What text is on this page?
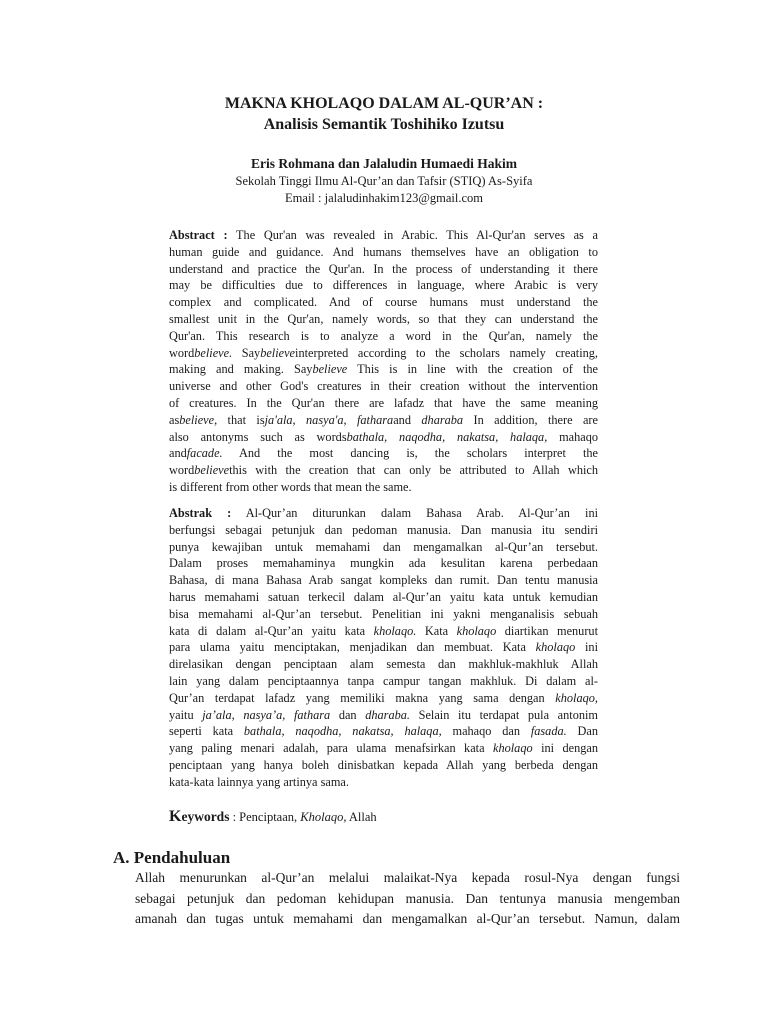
MAKNA KHOLAQO DALAM AL-QUR’AN :
Analisis Semantik Toshihiko Izutsu
Eris Rohmana dan Jalaludin Humaedi Hakim
Sekolah Tinggi Ilmu Al-Qur’an dan Tafsir (STIQ) As-Syifa
Email : jalaludinhakim123@gmail.com
Abstract : The Qur'an was revealed in Arabic. This Al-Qur'an serves as a
human guide and guidance. And humans themselves have an obligation to
understand and practice the Qur'an. In the process of understanding it there
may be difficulties due to differences in language, where Arabic is very
complex and complicated. And of course humans must understand the
smallest unit in the Qur'an, namely words, so that they can understand the
Qur'an. This research is to analyze a word in the Qur'an, namely the
wordbelieve. Saybelieveinterpreted according to the scholars namely creating,
making and making. Saybelieve This is in line with the creation of the
universe and other God's creatures in their creation without the intervention
of creatures. In the Qur'an there are lafadz that have the same meaning
asbelieve, that isja'ala, nasya'a, fatharaand dharaba In addition, there are
also antonyms such as wordsbathala, naqodha, nakatsa, halaqa, mahaqo
andfacade. And the most dancing is, the scholars interpret the
wordbelievethis with the creation that can only be attributed to Allah which
is different from other words that mean the same.
Abstrak : Al-Qur’an diturunkan dalam Bahasa Arab. Al-Qur’an ini
berfungsi sebagai petunjuk dan pedoman manusia. Dan manusia itu sendiri
punya kewajiban untuk memahami dan mengamalkan al-Qur’an tersebut.
Dalam proses memahaminya mungkin ada kesulitan karena perbedaan
Bahasa, di mana Bahasa Arab sangat kompleks dan rumit. Dan tentu manusia
harus memahami satuan terkecil dalam al-Qur’an yaitu kata untuk kemudian
bisa memahami al-Qur’an tersebut. Penelitian ini yakni menganalisis sebuah
kata di dalam al-Qur’an yaitu kata kholaqo. Kata kholaqo diartikan menurut
para ulama yaitu menciptakan, menjadikan dan membuat. Kata kholaqo ini
direlasikan dengan penciptaan alam semesta dan makhluk-makhluk Allah
lain yang dalam penciptaannya tanpa campur tangan makhluk. Di dalam al-
Qur’an terdapat lafadz yang memiliki makna yang sama dengan kholaqo,
yaitu ja’ala, nasya’a, fathara dan dharaba. Selain itu terdapat pula antonim
seperti kata bathala, naqodha, nakatsa, halaqa, mahaqo dan fasada. Dan
yang paling menari adalah, para ulama menafsirkan kata kholaqo ini dengan
penciptaan yang hanya boleh dinisbatkan kepada Allah yang berbeda dengan
kata-kata lainnya yang artinya sama.
Keywords : Penciptaan, Kholaqo, Allah
A. Pendahuluan
Allah menurunkan al-Qur’an melalui malaikat-Nya kepada rosul-Nya dengan fungsi
sebagai petunjuk dan pedoman kehidupan manusia. Dan tentunya manusia mengemban
amanah dan tugas untuk memahami dan mengamalkan al-Qur’an tersebut. Namun, dalam
